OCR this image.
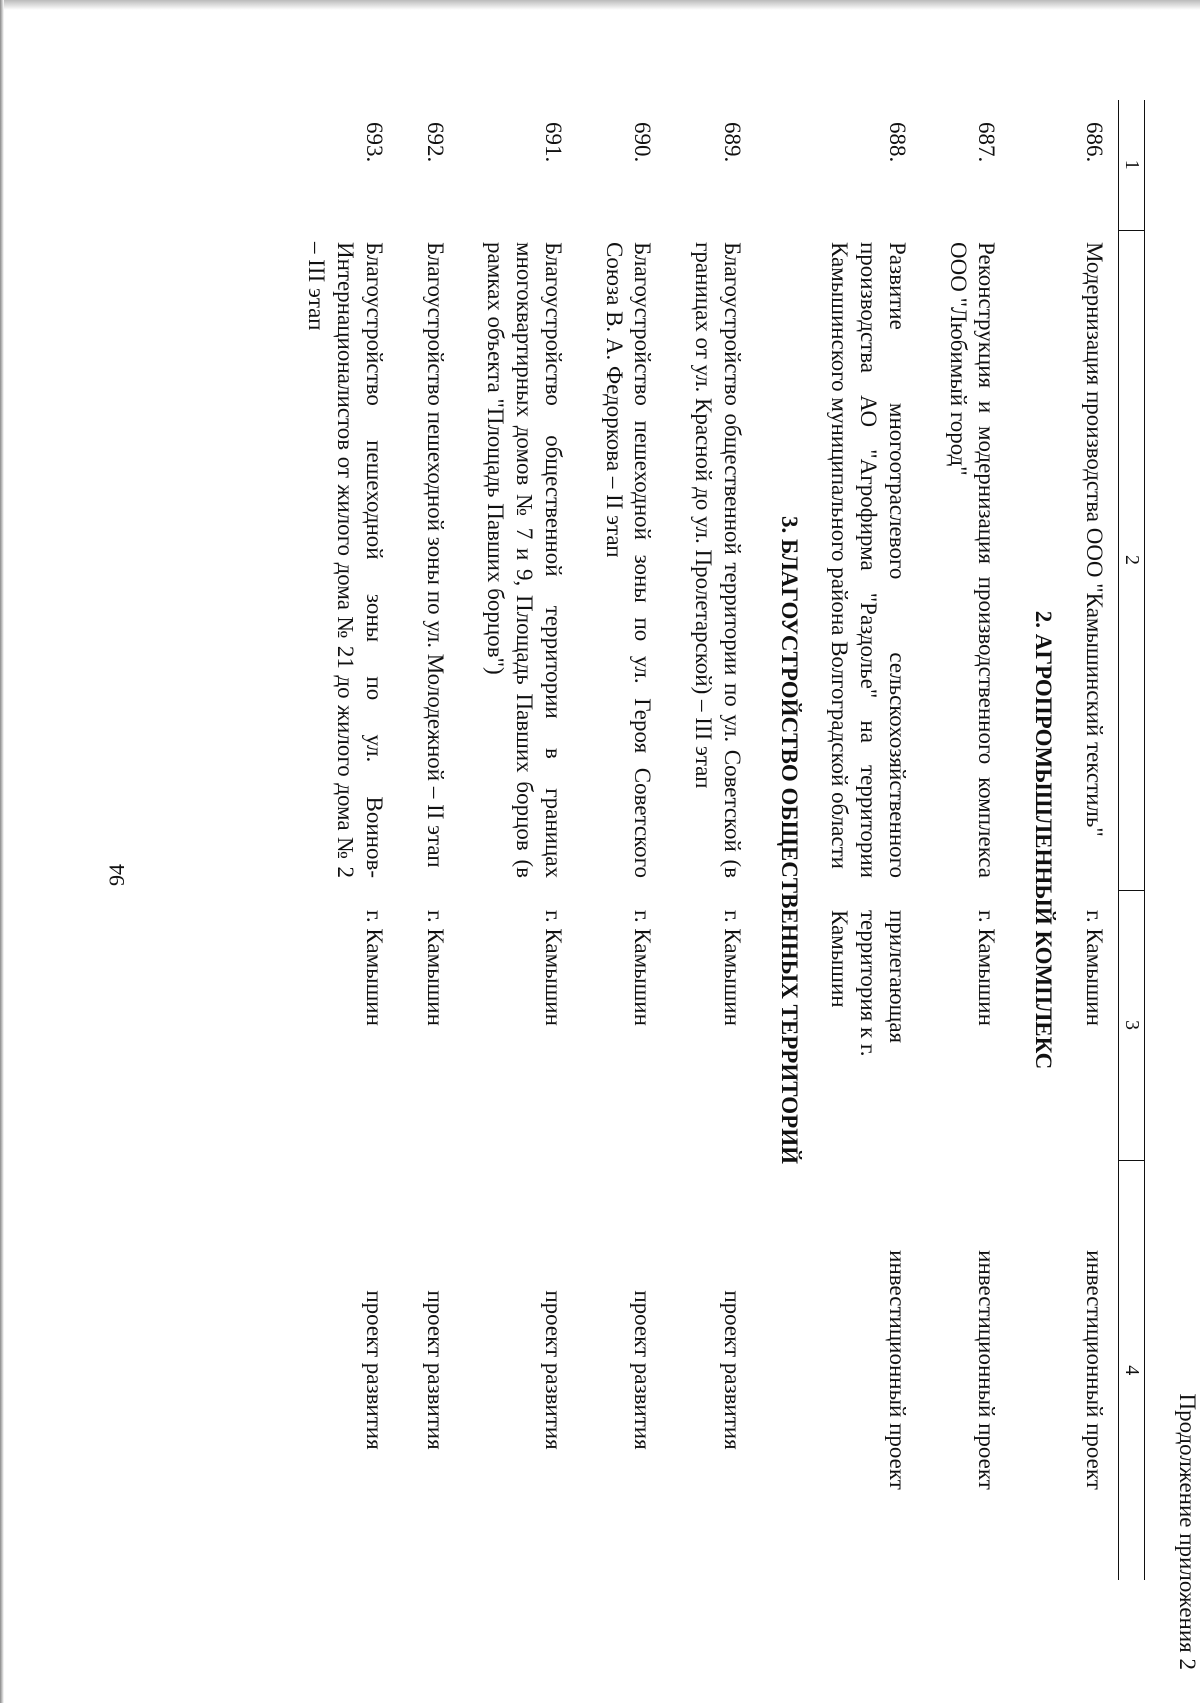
94
Продолжение приложения 2
1	2	3	4
686.	Модернизация производства ООО "Камышинский текстиль"	г. Камышин	инвестиционный проект
2. АГРОПРОМЫШЛЕННЫЙ КОМПЛЕКС			
687.	Реконструкция и модернизация производственного комплекса ООО "Любимый город"	г. Камышин	инвестиционный проект
688.	Развитие многоотраслевого сельскохозяйственного производства АО "Агрофирма "Раздолье" на территории Камышинского муниципального района Волгоградской области	прилегающая территория к г. Камышин	инвестиционный проект
3. БЛАГОУСТРОЙСТВО ОБЩЕСТВЕННЫХ ТЕРРИТОРИЙ			
689.	Благоустройство общественной территории по ул. Советской (в границах от ул. Красной до ул. Пролетарской) – III этап	г. Камышин	проект развития
690.	Благоустройство пешеходной зоны по ул. Героя Советского Союза В. А. Федоркова – II этап	г. Камышин	проект развития
691.	Благоустройство общественной территории в границах многоквартирных домов № 7 и 9, Площадь Павших борцов (в рамках объекта "Площадь Павших борцов")	г. Камышин	проект развития
692.	Благоустройство пешеходной зоны по ул. Молодежной – II этап	г. Камышин	проект развития
693.	Благоустройство пешеходной зоны по ул. Воинов-Интернационалистов от жилого дома № 21 до жилого дома № 2 – III этап	г. Камышин	проект развития
